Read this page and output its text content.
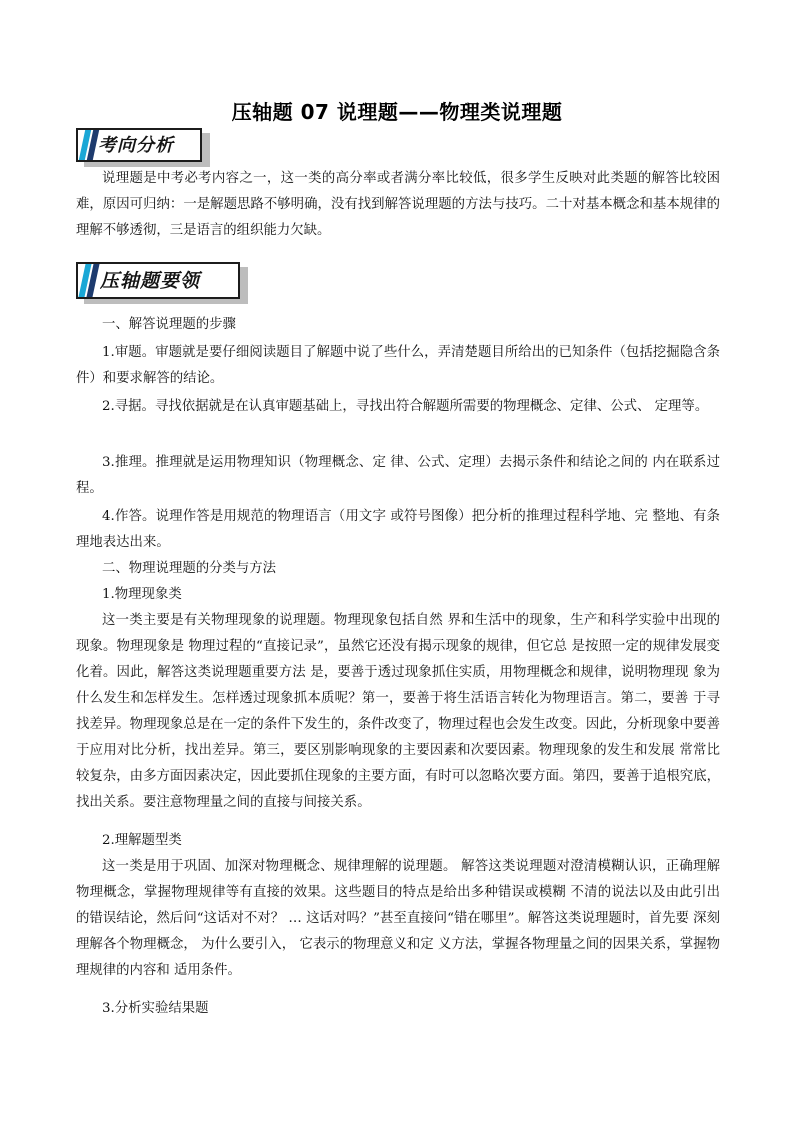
压轴题 07 说理题——物理类说理题
考向分析

说理题是中考必考内容之一，这一类的高分率或者满分率比较低，很多学生反映对此类题的解答比较困难，原因可归纳：一是解题思路不够明确，没有找到解答说理题的方法与技巧。二十对基本概念和基本规律的理解不够透彻，三是语言的组织能力欠缺。

压轴题要领

一、解答说理题的步骤

1.审题。审题就是要仔细阅读题目了解题中说了些什么，弄清楚题目所给出的已知条件（包括挖掘隐含条件）和要求解答的结论。

2.寻据。寻找依据就是在认真审题基础上，寻找出符合解题所需要的物理概念、定律、公式、 定理等。

3.推理。推理就是运用物理知识（物理概念、定 律、公式、定理）去揭示条件和结论之间的 内在联系过程。

4.作答。说理作答是用规范的物理语言（用文字 或符号图像）把分析的推理过程科学地、完 整地、有条理地表达出来。

二、物理说理题的分类与方法

1.物理现象类

这一类主要是有关物理现象的说理题。物理现象包括自然 界和生活中的现象，生产和科学实验中出现的现象。物理现象是 物理过程的“直接记录”，虽然它还没有揭示现象的规律，但它总 是按照一定的规律发展变化着。因此，解答这类说理题重要方法 是，要善于透过现象抓住实质，用物理概念和规律，说明物理现 象为什么发生和怎样发生。怎样透过现象抓本质呢？第一，要善于将生活语言转化为物理语言。第二，要善 于寻找差异。物理现象总是在一定的条件下发生的，条件改变了，物理过程也会发生改变。因此，分析现象中要善于应用对比分析，找出差异。第三，要区别影响现象的主要因素和次要因素。物理现象的发生和发展 常常比较复杂，由多方面因素决定，因此要抓住现象的主要方面，有时可以忽略次要方面。第四，要善于追根究底，找出关系。要注意物理量之间的直接与间接关系。

2.理解题型类

这一类是用于巩固、加深对物理概念、规律理解的说理题。 解答这类说理题对澄清模糊认识，正确理解物理概念，掌握物理规律等有直接的效果。这些题目的特点是给出多种错误或模糊 不清的说法以及由此引出的错误结论，然后问“这话对不对？ … 这话对吗？”甚至直接问“错在哪里”。解答这类说理题时，首先要 深刻理解各个物理概念， 为什么要引入， 它表示的物理意义和定 义方法，掌握各物理量之间的因果关系，掌握物理规律的内容和 适用条件。

3.分析实验结果题
